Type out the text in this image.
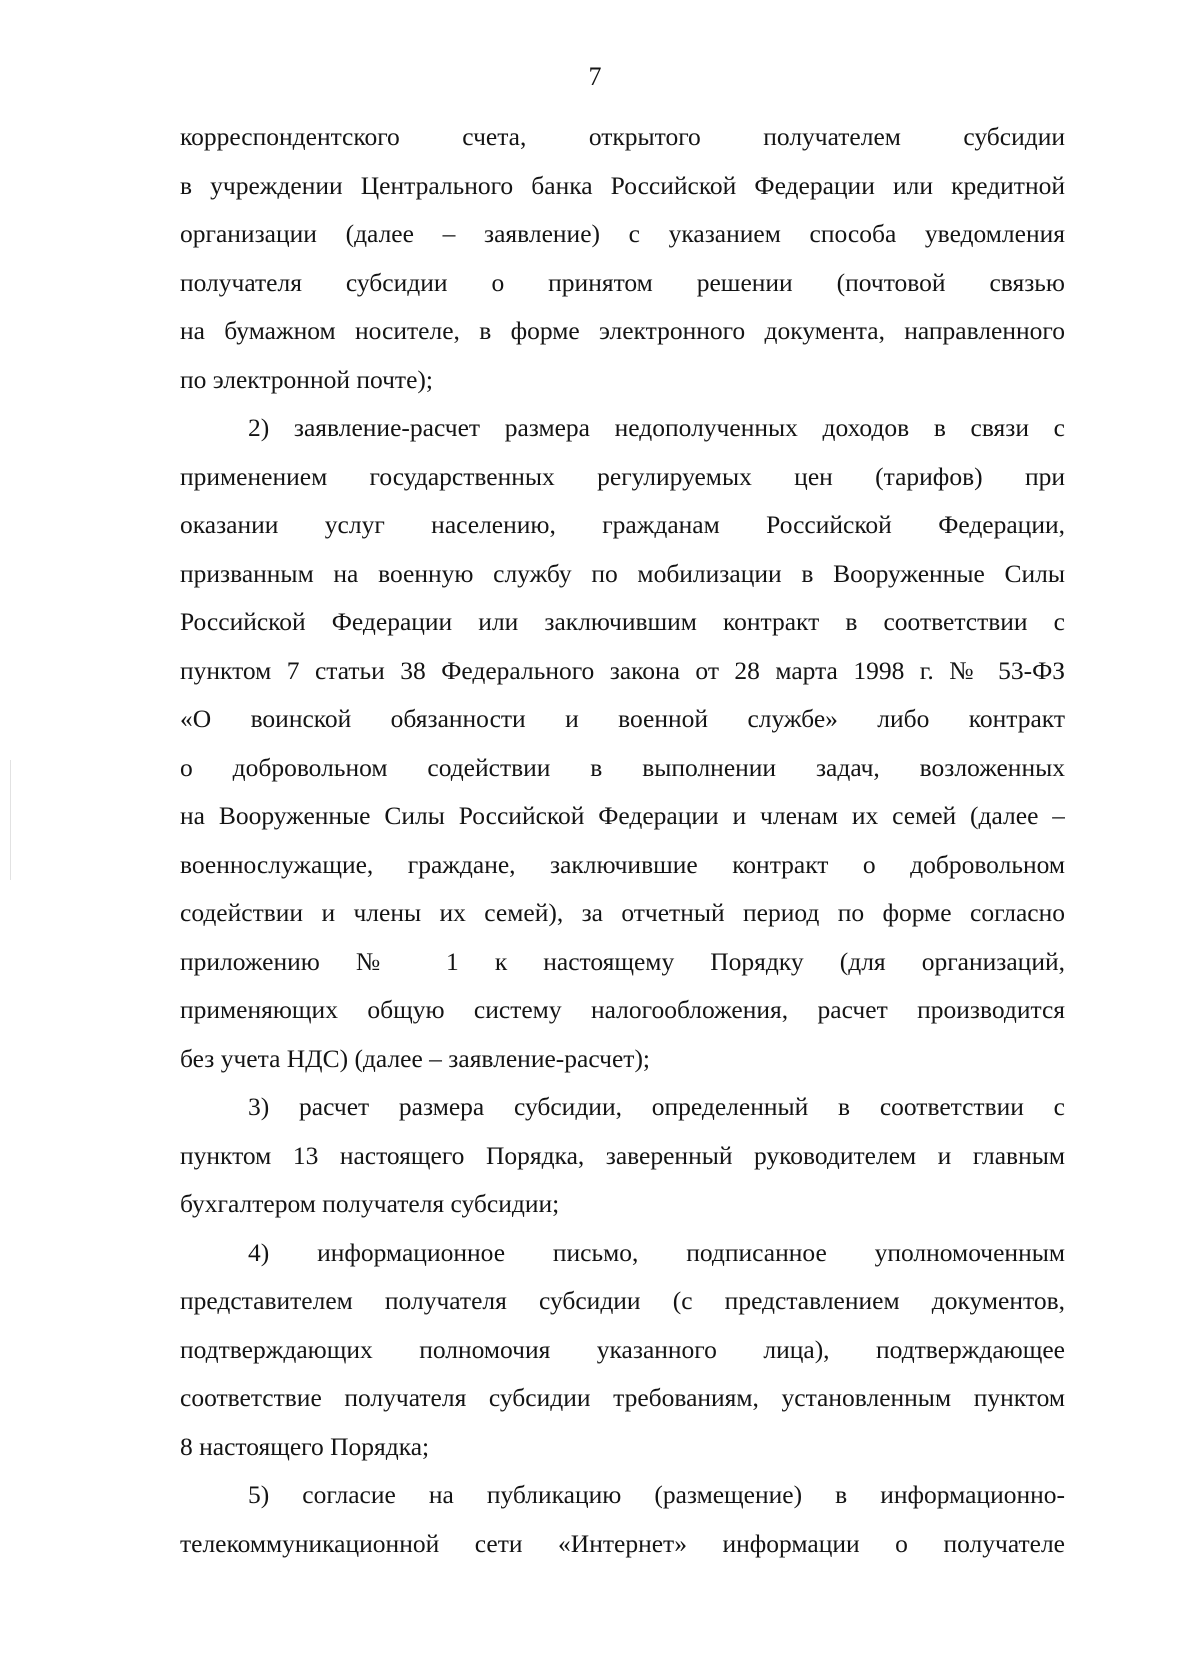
7
корреспондентского счета, открытого получателем субсидии
в учреждении Центрального банка Российской Федерации или кредитной
организации (далее – заявление) с указанием способа уведомления
получателя субсидии о принятом решении (почтовой связью
на бумажном носителе, в форме электронного документа, направленного
по электронной почте);
2) заявление-расчет размера недополученных доходов в связи с
применением государственных регулируемых цен (тарифов) при
оказании услуг населению, гражданам Российской Федерации,
призванным на военную службу по мобилизации в Вооруженные Силы
Российской Федерации или заключившим контракт в соответствии с
пунктом 7 статьи 38 Федерального закона от 28 марта 1998 г. № 53-ФЗ
«О воинской обязанности и военной службе» либо контракт
о добровольном содействии в выполнении задач, возложенных
на Вооруженные Силы Российской Федерации и членам их семей (далее –
военнослужащие, граждане, заключившие контракт о добровольном
содействии и члены их семей), за отчетный период по форме согласно
приложению № 1 к настоящему Порядку (для организаций,
применяющих общую систему налогообложения, расчет производится
без учета НДС) (далее – заявление-расчет);
3) расчет размера субсидии, определенный в соответствии с
пунктом 13 настоящего Порядка, заверенный руководителем и главным
бухгалтером получателя субсидии;
4) информационное письмо, подписанное уполномоченным
представителем получателя субсидии (с представлением документов,
подтверждающих полномочия указанного лица), подтверждающее
соответствие получателя субсидии требованиям, установленным пунктом
8 настоящего Порядка;
5) согласие на публикацию (размещение) в информационно-
телекоммуникационной сети «Интернет» информации о получателе
